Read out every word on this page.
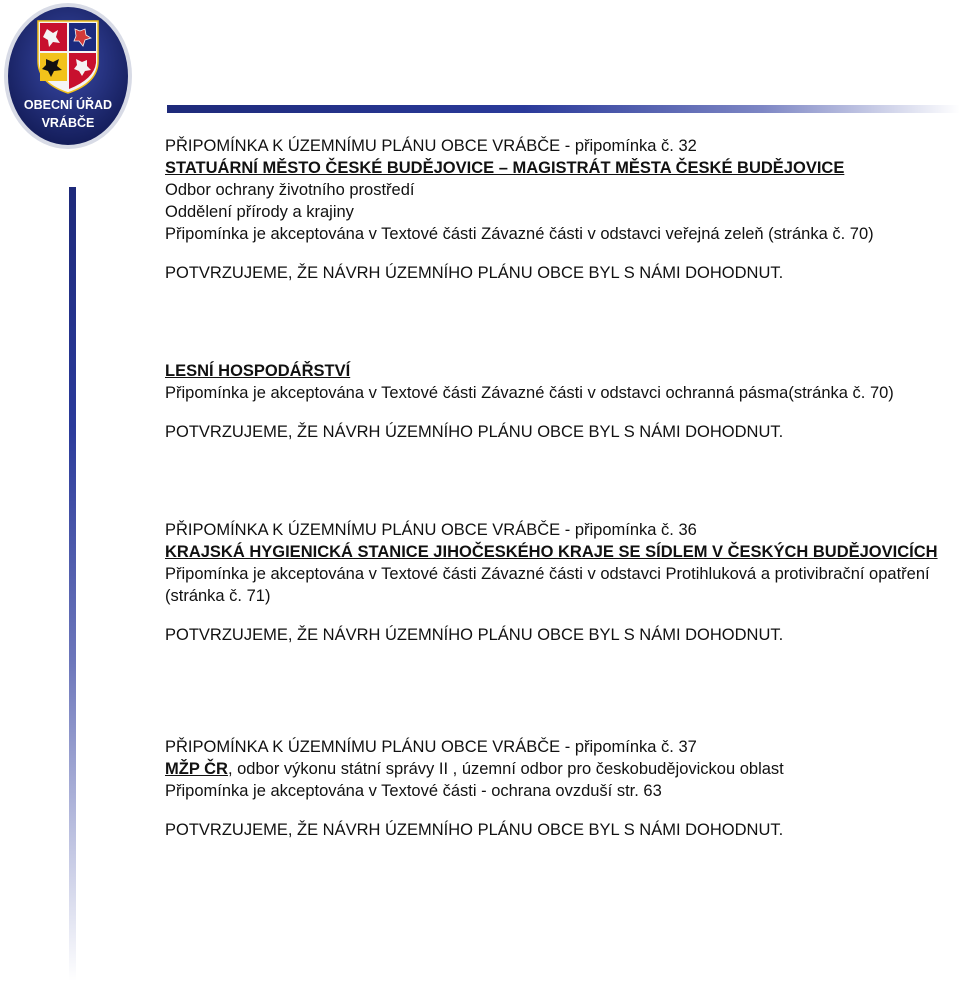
OBECNÍ ÚŘAD
VRÁBČE
PŘIPOMÍNKA K ÚZEMNÍMU PLÁNU OBCE VRÁBČE - připomínka č. 32
STATUÁRNÍ MĚSTO ČESKÉ BUDĚJOVICE – MAGISTRÁT MĚSTA ČESKÉ BUDĚJOVICE
Odbor ochrany životního prostředí
Oddělení přírody a krajiny
Připomínka je akceptována v Textové části Závazné části v odstavci veřejná zeleň (stránka č. 70)
POTVRZUJEME, ŽE NÁVRH ÚZEMNÍHO PLÁNU OBCE BYL S NÁMI DOHODNUT.
LESNÍ HOSPODÁŘSTVÍ
Připomínka je akceptována v Textové části Závazné části v odstavci ochranná pásma(stránka č. 70)
POTVRZUJEME, ŽE NÁVRH ÚZEMNÍHO PLÁNU OBCE BYL S NÁMI DOHODNUT.
PŘIPOMÍNKA K ÚZEMNÍMU PLÁNU OBCE VRÁBČE - připomínka č. 36
KRAJSKÁ HYGIENICKÁ STANICE JIHOČESKÉHO KRAJE SE SÍDLEM V ČESKÝCH BUDĚJOVICÍCH
Připomínka je akceptována v Textové části Závazné části v odstavci Protihluková a protivibrační opatření (stránka č. 71)
POTVRZUJEME, ŽE NÁVRH ÚZEMNÍHO PLÁNU OBCE BYL S NÁMI DOHODNUT.
PŘIPOMÍNKA K ÚZEMNÍMU PLÁNU OBCE VRÁBČE - připomínka č. 37
MŽP ČR, odbor výkonu státní správy II , územní odbor pro českobudějovickou oblast
Připomínka je akceptována v Textové části - ochrana ovzduší str. 63
POTVRZUJEME, ŽE NÁVRH ÚZEMNÍHO PLÁNU OBCE BYL S NÁMI DOHODNUT.
